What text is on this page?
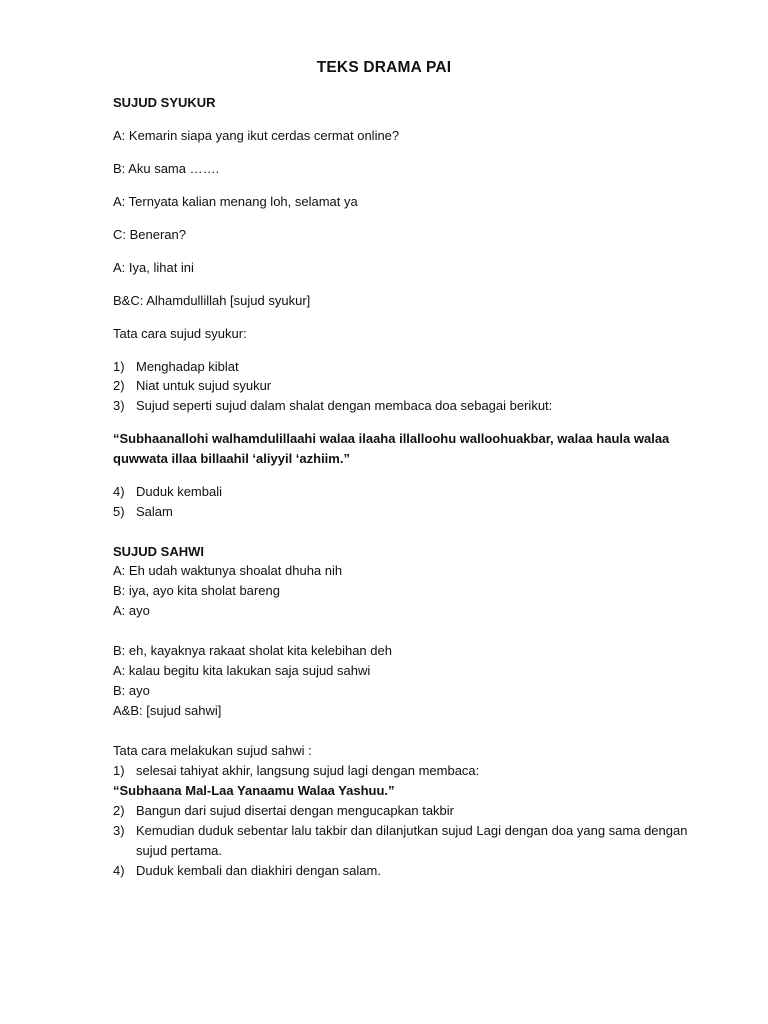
TEKS DRAMA PAI
SUJUD SYUKUR
A: Kemarin siapa yang ikut cerdas cermat online?
B: Aku sama …….
A: Ternyata kalian menang loh, selamat ya
C: Beneran?
A: Iya, lihat ini
B&C: Alhamdullillah [sujud syukur]
Tata cara sujud syukur:
1) Menghadap kiblat
2) Niat untuk sujud syukur
3) Sujud seperti sujud dalam shalat dengan membaca doa sebagai berikut:
“Subhaanallohi walhamdulillaahi walaa ilaaha illalloohu walloohuakbar, walaa haula walaa
quwwata illaa billaahil ‘aliyyil ‘azhiim.”
4) Duduk kembali
5) Salam
SUJUD SAHWI
A: Eh udah waktunya shoalat dhuha nih
B: iya, ayo kita sholat bareng
A: ayo
B: eh, kayaknya rakaat sholat kita kelebihan deh
A: kalau begitu kita lakukan saja sujud sahwi
B: ayo
A&B: [sujud sahwi]
Tata cara melakukan sujud sahwi :
1) selesai tahiyat akhir, langsung sujud lagi dengan membaca:
“Subhaana Mal-Laa Yanaamu Walaa Yashuu.”
2) Bangun dari sujud disertai dengan mengucapkan takbir
3) Kemudian duduk sebentar lalu takbir dan dilanjutkan sujud Lagi dengan doa yang sama dengan
sujud pertama.
4) Duduk kembali dan diakhiri dengan salam.
